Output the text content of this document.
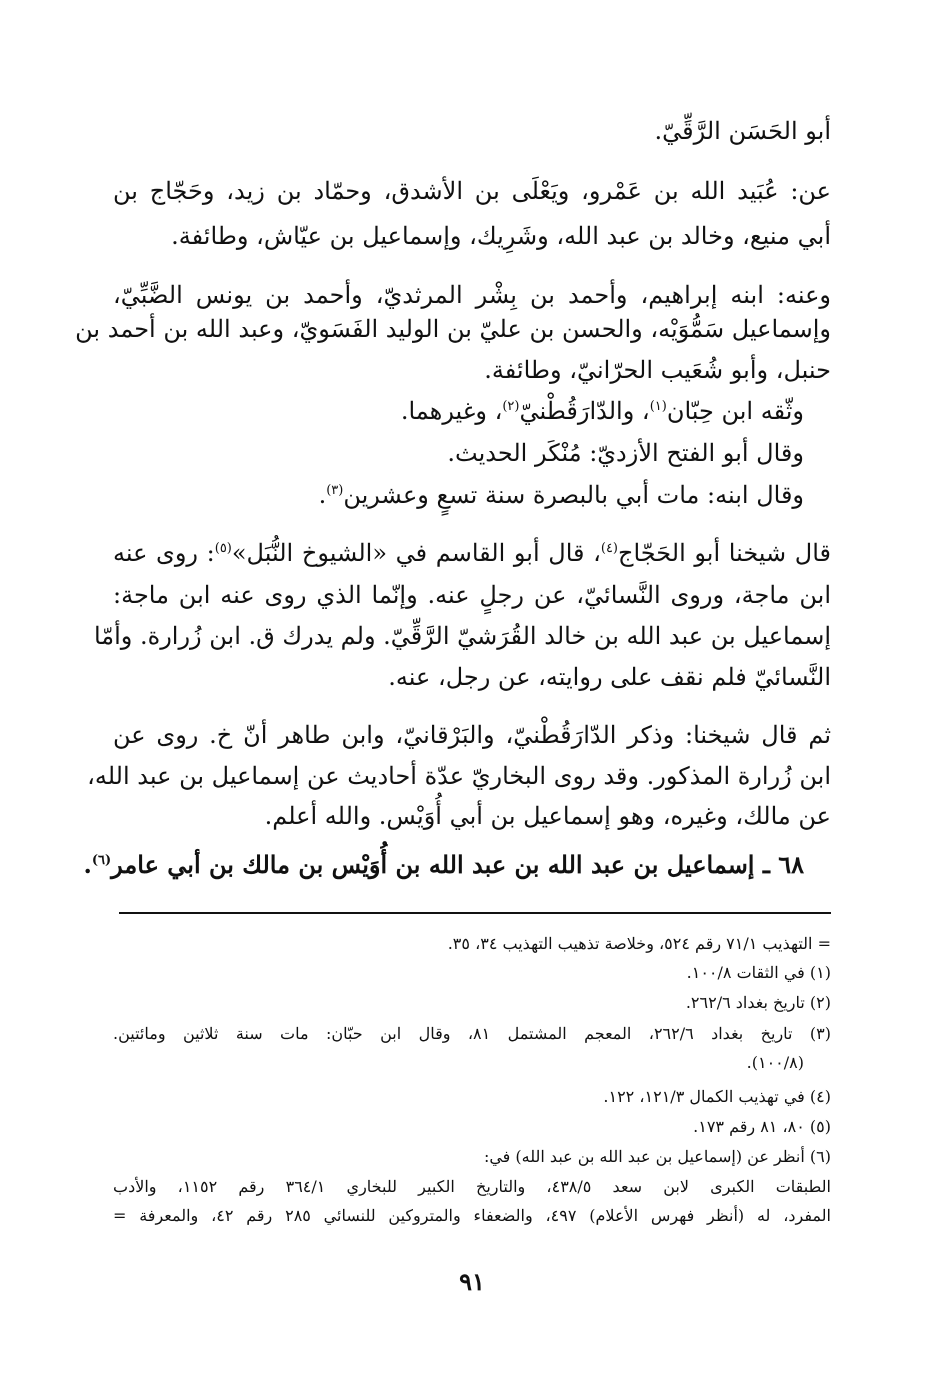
أبو الحَسَن الرَّقِّيّ.
عن: عُبَيد الله بن عَمْرو، ويَعْلَى بن الأشدق، وحمّاد بن زيد، وحَجّاج بن
أبي منيع، وخالد بن عبد الله، وشَرِيك، وإسماعيل بن عيّاش، وطائفة.
وعنه: ابنه إبراهيم، وأحمد بن بِشْر المرثديّ، وأحمد بن يونس الضَّبِّيّ،
وإسماعيل سَمُّوَيْه، والحسن بن عليّ بن الوليد الفَسَويّ، وعبد الله بن أحمد بن
حنبل، وأبو شُعَيب الحرّانيّ، وطائفة.
وثّقه ابن حِبّان$^{(١)}$، والدّارَقُطْنيّ$^{(٢)}$، وغيرهما.
وقال أبو الفتح الأزديّ: مُنْكَر الحديث.
وقال ابنه: مات أبي بالبصرة سنة تسعٍ وعشرين$^{(٣)}$.
قال شيخنا أبو الحَجّاج$^{(٤)}$، قال أبو القاسم في «الشيوخ النُّبَل»$^{(٥)}$: روى عنه
ابن ماجة، وروى النَّسائيّ، عن رجلٍ عنه. وإنّما الذي روى عنه ابن ماجة:
إسماعيل بن عبد الله بن خالد القُرَشيّ الرَّقِّيّ. ولم يدرك ق. ابن زُرارة. وأمّا
النَّسائيّ فلم نقف على روايته، عن رجل، عنه.
ثم قال شيخنا: وذكر الدّارَقُطْنيّ، والبَرْقانيّ، وابن طاهر أنّ خ. روى عن
ابن زُرارة المذكور. وقد روى البخاريّ عدّة أحاديث عن إسماعيل بن عبد الله،
عن مالك، وغيره، وهو إسماعيل بن أبي أُوَيْس. والله أعلم.
٦٨ ـ إسماعيل بن عبد الله بن عبد الله بن أُوَيْس بن مالك بن أبي عامر$^{(٦)}$.
= التهذيب ٧١/١ رقم ٥٢٤، وخلاصة تذهيب التهذيب ٣٤، ٣٥.
(١) في الثقات ١٠٠/٨.
(٢) تاريخ بغداد ٢٦٢/٦.
(٣) تاريخ بغداد ٢٦٢/٦، المعجم المشتمل ٨١، وقال ابن حبّان: مات سنة ثلاثين ومائتين.
(١٠٠/٨).
(٤) في تهذيب الكمال ١٢١/٣، ١٢٢.
(٥) ٨٠، ٨١ رقم ١٧٣.
(٦) أنظر عن (إسماعيل بن عبد الله بن عبد الله) في:
الطبقات الكبرى لابن سعد ٤٣٨/٥، والتاريخ الكبير للبخاري ٣٦٤/١ رقم ١١٥٢، والأدب
المفرد، له (أنظر فهرس الأعلام) ٤٩٧، والضعفاء والمتروكين للنسائي ٢٨٥ رقم ٤٢، والمعرفة =
٩١
